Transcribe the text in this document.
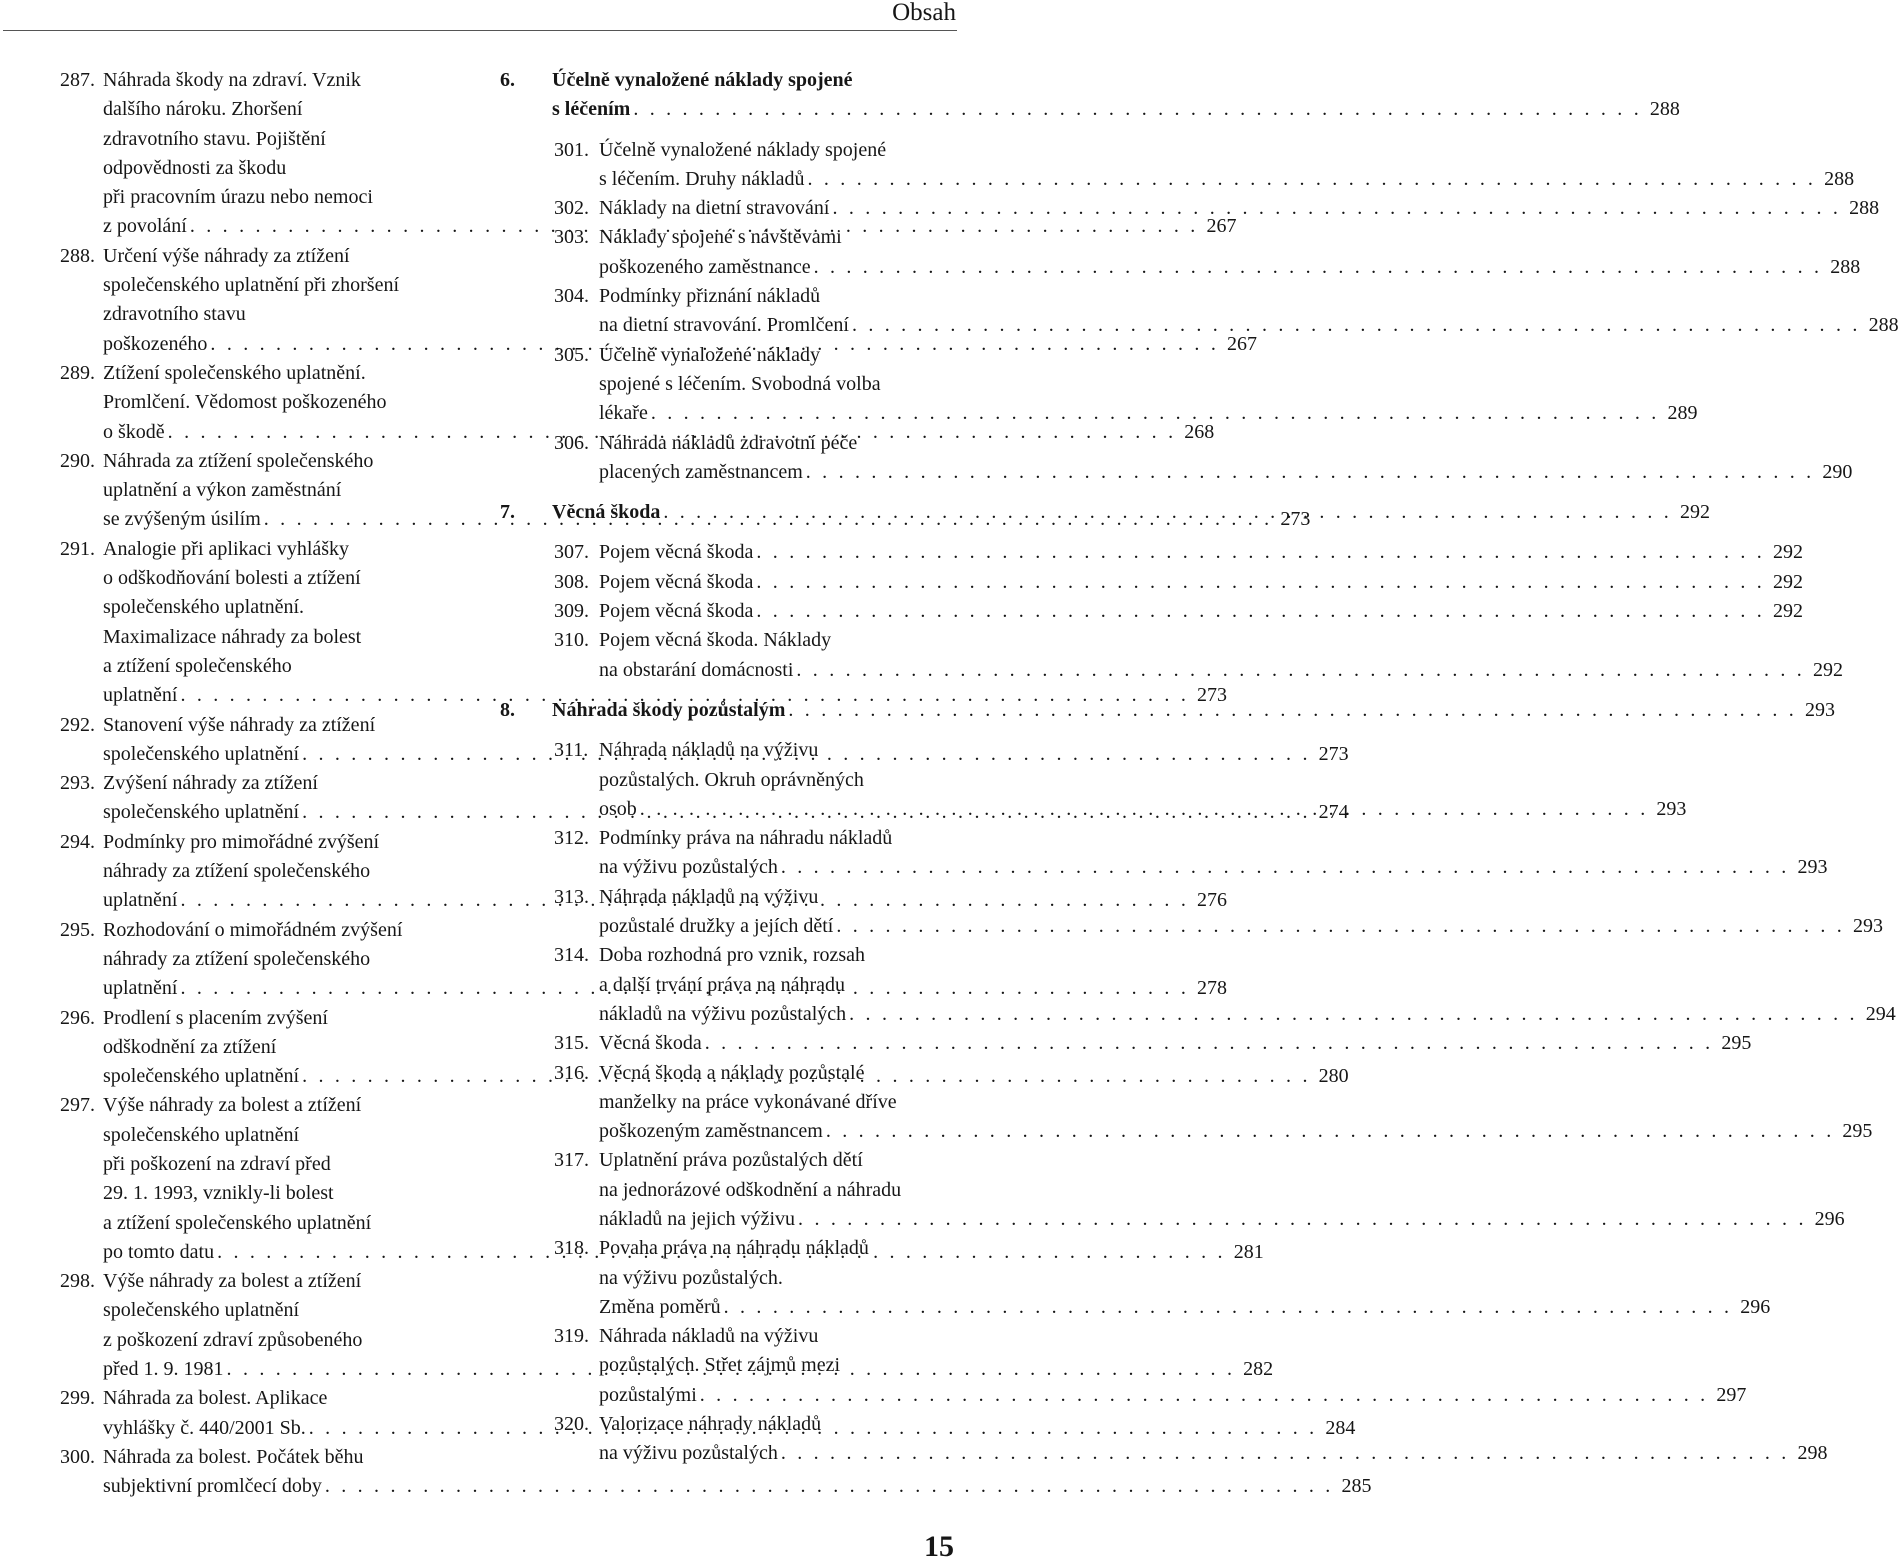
Obsah
287. Náhrada škody na zdraví. Vznik
dalšího nároku. Zhoršení
zdravotního stavu. Pojištění
odpovědnosti za škodu
při pracovním úrazu nebo nemoci
z povolání . . .	267
288. Určení výše náhrady za ztížení
společenského uplatnění při zhoršení
zdravotního stavu
poškozeného . . .	267
289. Ztížení společenského uplatnění.
Promlčení. Vědomost poškozeného
o škodě . . .	268
290. Náhrada za ztížení společenského
uplatnění a výkon zaměstnání
se zvýšeným úsilím . . .	273
291. Analogie při aplikaci vyhlášky
o odškodňování bolesti a ztížení
společenského uplatnění.
Maximalizace náhrady za bolest
a ztížení společenského
uplatnění . . .	273
292. Stanovení výše náhrady za ztížení
společenského uplatnění . . .	273
293. Zvýšení náhrady za ztížení
společenského uplatnění . . .	274
294. Podmínky pro mimořádné zvýšení
náhrady za ztížení společenského
uplatnění . . .	276
295. Rozhodování o mimořádném zvýšení
náhrady za ztížení společenského
uplatnění . . .	278
296. Prodlení s placením zvýšení
odškodnění za ztížení
společenského uplatnění . . .	280
297. Výše náhrady za bolest a ztížení
společenského uplatnění
při poškození na zdraví před
29. 1. 1993, vznikly-li bolest
a ztížení společenského uplatnění
po tomto datu . . .	281
298. Výše náhrady za bolest a ztížení
společenského uplatnění
z poškození zdraví způsobeného
před 1. 9. 1981 . . .	282
299. Náhrada za bolest. Aplikace
vyhlášky č. 440/2001 Sb. . . .	284
300. Náhrada za bolest. Počátek běhu
subjektivní promlčecí doby . . .	285
6.	Účelně vynaložené náklady spojené
s léčením . . .	288
301. Účelně vynaložené náklady spojené
s léčením. Druhy nákladů . . .	288
302. Náklady na dietní stravování . . .	288
303. Náklady spojené s návštěvami
poškozeného zaměstnance . . .	288
304. Podmínky přiznání nákladů
na dietní stravování. Promlčení . . .	288
305. Účelně vynaložené náklady
spojené s léčením. Svobodná volba
lékaře . . .	289
306. Náhrada nákladů zdravotní péče
placených zaměstnancem . . .	290
7.	Věcná škoda . . .	292
307. Pojem věcná škoda . . .	292
308. Pojem věcná škoda . . .	292
309. Pojem věcná škoda . . .	292
310. Pojem věcná škoda. Náklady
na obstarání domácnosti . . .	292
8.	Náhrada škody pozůstalým . . .	293
311. Náhrada nákladů na výživu
pozůstalých. Okruh oprávněných
osob . . .	293
312. Podmínky práva na náhradu nákladů
na výživu pozůstalých . . .	293
313. Náhrada nákladů na výživu
pozůstalé družky a jejích dětí . . .	293
314. Doba rozhodná pro vznik, rozsah
a další trvání práva na náhradu
nákladů na výživu pozůstalých . . .	294
315. Věcná škoda . . .	295
316. Věcná škoda a náklady pozůstalé
manželky na práce vykonávané dříve
poškozeným zaměstnancem . . .	295
317. Uplatnění práva pozůstalých dětí
na jednorázové odškodnění a náhradu
nákladů na jejich výživu . . .	296
318. Povaha práva na náhradu nákladů
na výživu pozůstalých.
Změna poměrů . . .	296
319. Náhrada nákladů na výživu
pozůstalých. Střet zájmů mezi
pozůstalými . . .	297
320. Valorizace náhrady nákladů
na výživu pozůstalých . . .	298
15
